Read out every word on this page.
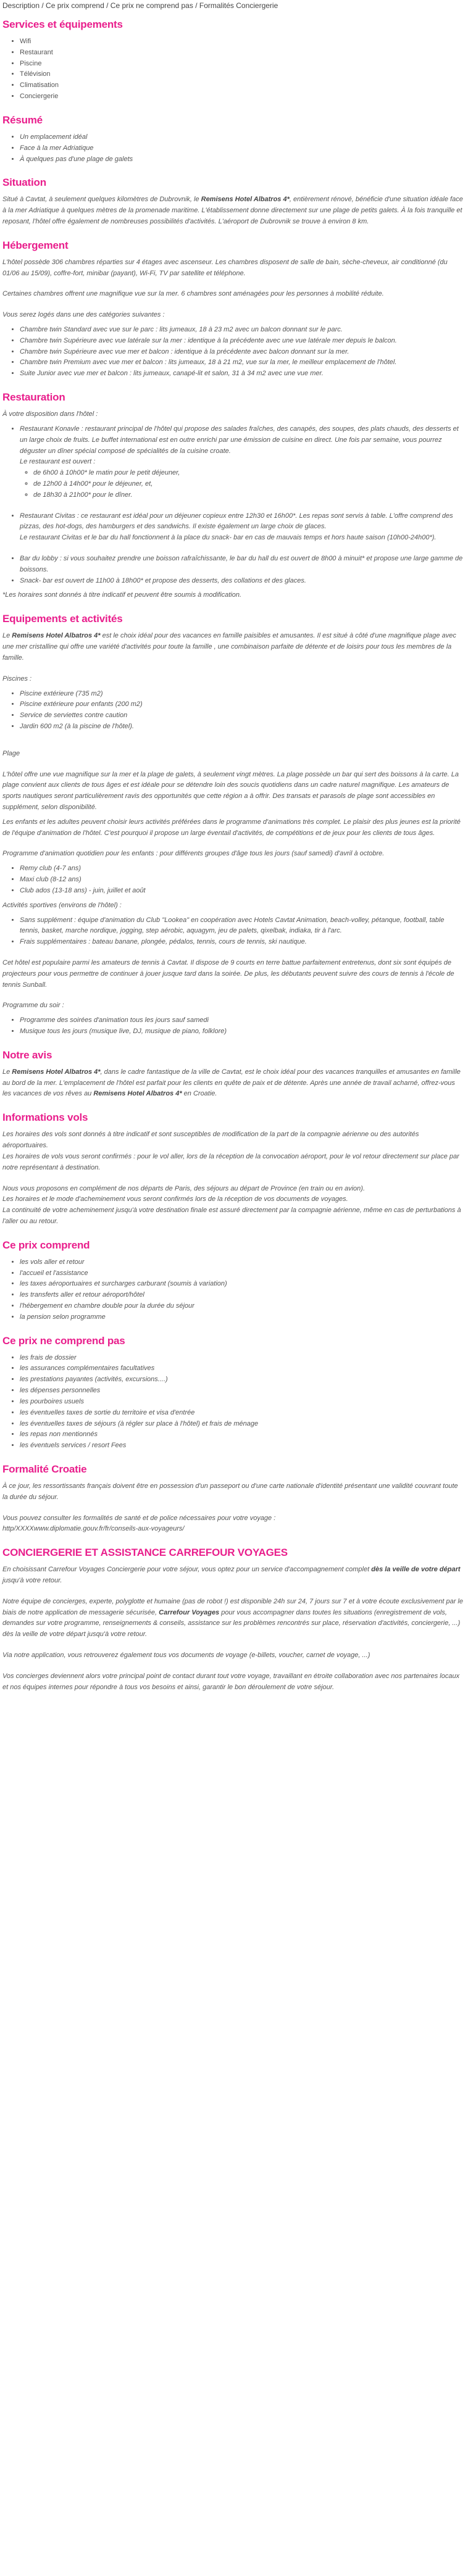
Description / Ce prix comprend / Ce prix ne comprend pas / Formalités Conciergerie
Services et équipements
• Wifi
• Restaurant
• Piscine
• Télévision
• Climatisation
• Conciergerie
Résumé
• Un emplacement idéal
• Face à la mer Adriatique
• À quelques pas d'une plage de galets
Situation

Situé à Cavtat, à seulement quelques kilomètres de Dubrovnik, le Remisens Hotel Albatros 4*, entièrement rénové, bénéficie d'une situation idéale face à la mer Adriatique à quelques mètres de la promenade maritime. L'établissement donne directement sur une plage de petits galets. À la fois tranquille et reposant, l'hôtel offre également de nombreuses possibilités d'activités. L'aéroport de Dubrovnik se trouve à environ 8 km.

Hébergement

L'hôtel possède 306 chambres réparties sur 4 étages avec ascenseur. Les chambres disposent de salle de bain, sèche-cheveux, air conditionné (du 01/06 au 15/09), coffre-fort, minibar (payant), Wi-Fi, TV par satellite et téléphone.

Certaines chambres offrent une magnifique vue sur la mer. 6 chambres sont aménagées pour les personnes à mobilité réduite.

Vous serez logés dans une des catégories suivantes :

• Chambre twin Standard avec vue sur le parc : lits jumeaux, 18 à 23 m2 avec un balcon donnant sur le parc.
• Chambre twin Supérieure avec vue latérale sur la mer : identique à la précédente avec une vue latérale mer depuis le balcon.
• Chambre twin Supérieure avec vue mer et balcon : identique à la précédente avec balcon donnant sur la mer.
• Chambre twin Premium avec vue mer et balcon : lits jumeaux, 18 à 21 m2, vue sur la mer, le meilleur emplacement de l'hôtel.
• Suite Junior avec vue mer et balcon : lits jumeaux, canapé-lit et salon, 31 à 34 m2 avec une vue mer.
Restauration

À votre disposition dans l'hôtel :

• Restaurant Konavle : restaurant principal de l'hôtel qui propose des salades fraîches, des canapés, des soupes, des plats chauds, des desserts et un large choix de fruits. Le buffet international est en outre enrichi par une émission de cuisine en direct. Une fois par semaine, vous pourrez déguster un dîner spécial composé de spécialités de la cuisine croate.
Le restaurant est ouvert :
◦ de 6h00 à 10h00* le matin pour le petit déjeuner,
◦ de 12h00 à 14h00* pour le déjeuner, et,
◦ de 18h30 à 21h00* pour le dîner.
• Restaurant Civitas : ce restaurant est idéal pour un déjeuner copieux entre 12h30 et 16h00*. Les repas sont servis à table. L'offre comprend des pizzas, des hot-dogs, des hamburgers et des sandwichs. Il existe également un large choix de glaces.
Le restaurant Civitas et le bar du hall fonctionnent à la place du snack- bar en cas de mauvais temps et hors haute saison (10h00-24h00*).
• Bar du lobby : si vous souhaitez prendre une boisson rafraîchissante, le bar du hall du est ouvert de 8h00 à minuit* et propose une large gamme de boissons.
• Snack- bar est ouvert de 11h00 à 18h00* et propose des desserts, des collations et des glaces.

*Les horaires sont donnés à titre indicatif et peuvent être soumis à modification.

Equipements et activités

Le Remisens Hotel Albatros 4* est le choix idéal pour des vacances en famille paisibles et amusantes. Il est situé à côté d'une magnifique plage avec une mer cristalline qui offre une variété d'activités pour toute la famille , une combinaison parfaite de détente et de loisirs pour tous les membres de la famille.

Piscines :

• Piscine extérieure (735 m2)
• Piscine extérieure pour enfants (200 m2)
• Service de serviettes contre caution
• Jardin 600 m2 (à la piscine de l'hôtel).

Plage

L'hôtel offre une vue magnifique sur la mer et la plage de galets, à seulement vingt mètres. La plage possède un bar qui sert des boissons à la carte. La plage convient aux clients de tous âges et est idéale pour se détendre loin des soucis quotidiens dans un cadre naturel magnifique. Les amateurs de sports nautiques seront particulièrement ravis des opportunités que cette région a à offrir. Des transats et parasols de plage sont accessibles en supplément, selon disponibilité.

Les enfants et les adultes peuvent choisir leurs activités préférées dans le programme d'animations très complet. Le plaisir des plus jeunes est la priorité de l'équipe d'animation de l'hôtel. C'est pourquoi il propose un large éventail d'activités, de compétitions et de jeux pour les clients de tous âges.

Programme d'animation quotidien pour les enfants : pour différents groupes d'âge tous les jours (sauf samedi) d'avril à octobre.

• Remy club (4-7 ans)
• Maxi club (8-12 ans)
• Club ados (13-18 ans) - juin, juillet et août

Activités sportives (environs de l'hôtel) :

• Sans supplément : équipe d'animation du Club "Lookea" en coopération avec Hotels Cavtat Animation, beach-volley, pétanque, football, table tennis, basket, marche nordique, jogging, step aérobic, aquagym, jeu de palets, qixelbak, indiaka, tir à l'arc.
• Frais supplémentaires : bateau banane, plongée, pédalos, tennis, cours de tennis, ski nautique.

Cet hôtel est populaire parmi les amateurs de tennis à Cavtat. Il dispose de 9 courts en terre battue parfaitement entretenus, dont six sont équipés de projecteurs pour vous permettre de continuer à jouer jusque tard dans la soirée. De plus, les débutants peuvent suivre des cours de tennis à l'école de tennis Sunball.

Programme du soir :

• Programme des soirées d'animation tous les jours sauf samedi
• Musique tous les jours (musique live, DJ, musique de piano, folklore)
Notre avis

Le Remisens Hotel Albatros 4*, dans le cadre fantastique de la ville de Cavtat, est le choix idéal pour des vacances tranquilles et amusantes en famille au bord de la mer. L'emplacement de l'hôtel est parfait pour les clients en quête de paix et de détente. Après une année de travail acharné, offrez-vous les vacances de vos rêves au Remisens Hotel Albatros 4* en Croatie.

Informations vols

Les horaires des vols sont donnés à titre indicatif et sont susceptibles de modification de la part de la compagnie aérienne ou des autorités aéroportuaires.
Les horaires de vols vous seront confirmés : pour le vol aller, lors de la réception de la convocation aéroport, pour le vol retour directement sur place par notre représentant à destination.

Nous vous proposons en complément de nos départs de Paris, des séjours au départ de Province (en train ou en avion).
Les horaires et le mode d'acheminement vous seront confirmés lors de la réception de vos documents de voyages.
La continuité de votre acheminement jusqu'à votre destination finale est assuré directement par la compagnie aérienne, même en cas de perturbations à l'aller ou au retour.

Ce prix comprend
• les vols aller et retour
• l'accueil et l'assistance
• les taxes aéroportuaires et surcharges carburant (soumis à variation)
• les transferts aller et retour aéroport/hôtel
• l'hébergement en chambre double pour la durée du séjour
• la pension selon programme
Ce prix ne comprend pas
• les frais de dossier
• les assurances complémentaires facultatives
• les prestations payantes (activités, excursions....)
• les dépenses personnelles
• les pourboires usuels
• les éventuelles taxes de sortie du territoire et visa d'entrée
• les éventuelles taxes de séjours (à régler sur place à l'hôtel) et frais de ménage
• les repas non mentionnés
• les éventuels services / resort Fees
Formalité Croatie

À ce jour, les ressortissants français doivent être en possession d'un passeport ou d'une carte nationale d'identité présentant une validité couvrant toute la durée du séjour.

Vous pouvez consulter les formalités de santé et de police nécessaires pour votre voyage :
http/XXXXwww.diplomatie.gouv.fr/fr/conseils-aux-voyageurs/

CONCIERGERIE ET ASSISTANCE CARREFOUR VOYAGES

En choisissant Carrefour Voyages Conciergerie pour votre séjour, vous optez pour un service d'accompagnement complet dès la veille de votre départ jusqu'à votre retour.

Notre équipe de concierges, experte, polyglotte et humaine (pas de robot !) est disponible 24h sur 24, 7 jours sur 7 et à votre écoute exclusivement par le biais de notre application de messagerie sécurisée, Carrefour Voyages pour vous accompagner dans toutes les situations (enregistrement de vols, demandes sur votre programme, renseignements & conseils, assistance sur les problèmes rencontrés sur place, réservation d'activités, conciergerie, ...) dès la veille de votre départ jusqu'à votre retour.

Via notre application, vous retrouverez également tous vos documents de voyage (e-billets, voucher, carnet de voyage, ...)

Vos concierges deviennent alors votre principal point de contact durant tout votre voyage, travaillant en étroite collaboration avec nos partenaires locaux et nos équipes internes pour répondre à tous vos besoins et ainsi, garantir le bon déroulement de votre séjour.
